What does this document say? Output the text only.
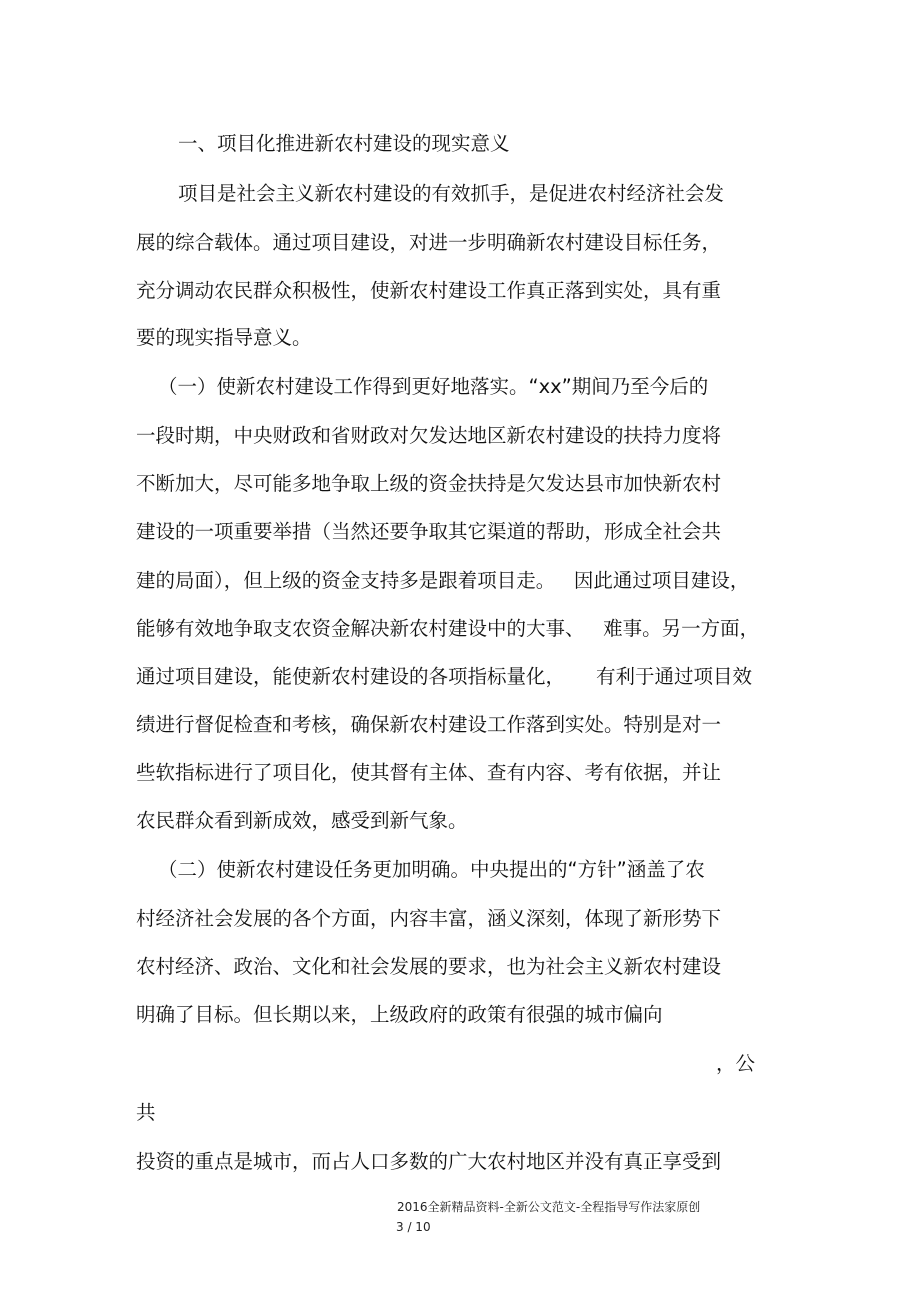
一、项目化推进新农村建设的现实意义
项目是社会主义新农村建设的有效抓手，是促进农村经济社会发
展的综合载体。通过项目建设，对进一步明确新农村建设目标任务，
充分调动农民群众积极性，使新农村建设工作真正落到实处，具有重
要的现实指导意义。
（一）使新农村建设工作得到更好地落实。“xx”期间乃至今后的
一段时期，中央财政和省财政对欠发达地区新农村建设的扶持力度将
不断加大，尽可能多地争取上级的资金扶持是欠发达县市加快新农村
建设的一项重要举措（当然还要争取其它渠道的帮助，形成全社会共
建的局面），但上级的资金支持多是跟着项目走。   因此通过项目建设，
能够有效地争取支农资金解决新农村建设中的大事、   难事。另一方面，
通过项目建设，能使新农村建设的各项指标量化，     有利于通过项目效
绩进行督促检查和考核，确保新农村建设工作落到实处。特别是对一
些软指标进行了项目化，使其督有主体、查有内容、考有依据，并让
农民群众看到新成效，感受到新气象。
（二）使新农村建设任务更加明确。中央提出的“方针”涵盖了农
村经济社会发展的各个方面，内容丰富，涵义深刻，体现了新形势下
农村经济、政治、文化和社会发展的要求，也为社会主义新农村建设
明确了目标。但长期以来，上级政府的政策有很强的城市偏向
，公
共
投资的重点是城市，而占人口多数的广大农村地区并没有真正享受到
2016全新精品资料-全新公文范文-全程指导写作法家原创
3 / 10
